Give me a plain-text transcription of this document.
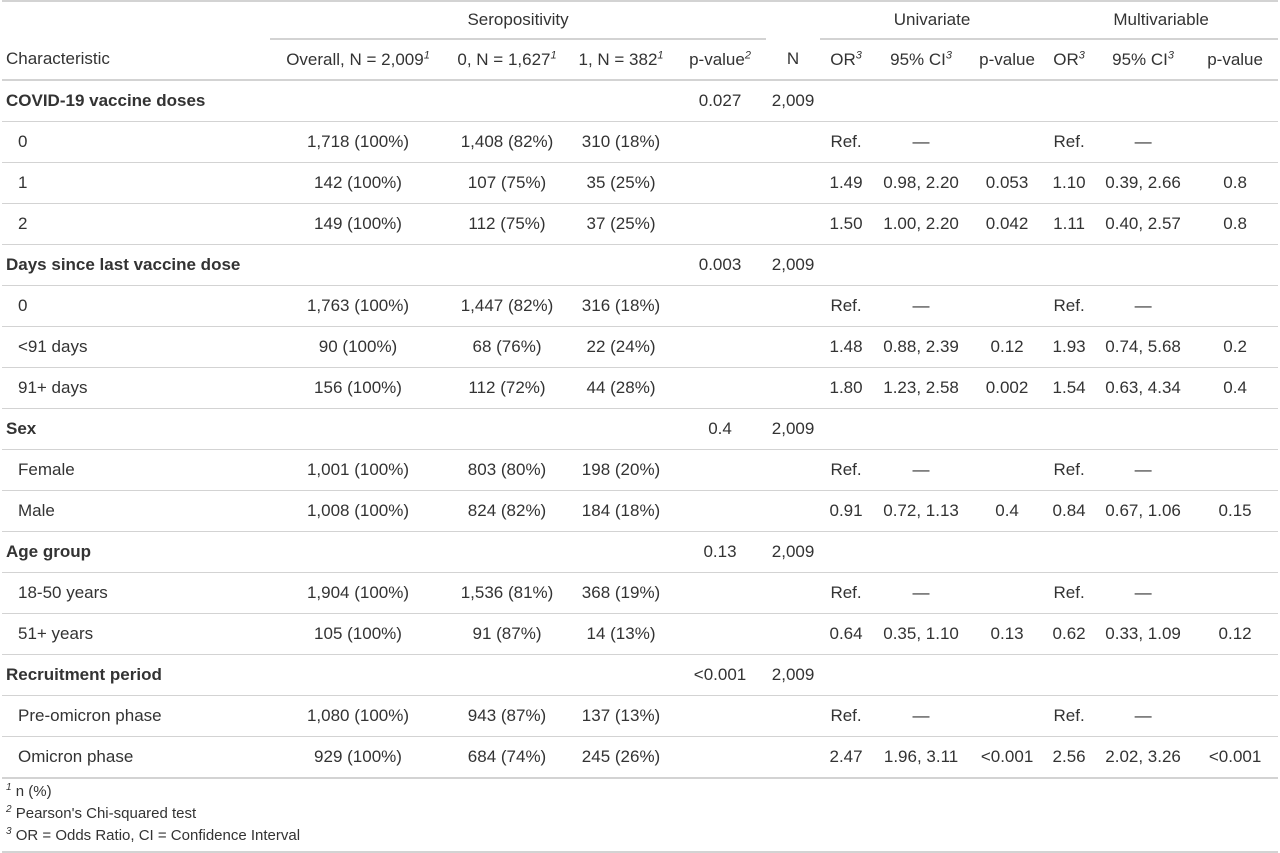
	Seropositivity					Univariate			Multivariable		
Characteristic	Overall, $N = 2,009^1$	0, $N = 1,627^1$	1, $N = 382^1$	p-value$^2$	N	$OR^3$	95% $CI^3$	p-value	$OR^3$	95% $CI^3$	p-value
COVID-19 vaccine doses				0.027	2,009						
0	1,718 (100%)	1,408 (82%)	310 (18%)			Ref.	—		Ref.	—	
1	142 (100%)	107 (75%)	35 (25%)			1.49	0.98, 2.20	0.053	1.10	0.39, 2.66	0.8
2	149 (100%)	112 (75%)	37 (25%)			1.50	1.00, 2.20	0.042	1.11	0.40, 2.57	0.8
Days since last vaccine dose				0.003	2,009						
0	1,763 (100%)	1,447 (82%)	316 (18%)			Ref.	—		Ref.	—	
<91 days	90 (100%)	68 (76%)	22 (24%)			1.48	0.88, 2.39	0.12	1.93	0.74, 5.68	0.2
91+ days	156 (100%)	112 (72%)	44 (28%)			1.80	1.23, 2.58	0.002	1.54	0.63, 4.34	0.4
Sex				0.4	2,009						
Female	1,001 (100%)	803 (80%)	198 (20%)			Ref.	—		Ref.	—	
Male	1,008 (100%)	824 (82%)	184 (18%)			0.91	0.72, 1.13	0.4	0.84	0.67, 1.06	0.15
Age group				0.13	2,009						
18-50 years	1,904 (100%)	1,536 (81%)	368 (19%)			Ref.	—		Ref.	—	
51+ years	105 (100%)	91 (87%)	14 (13%)			0.64	0.35, 1.10	0.13	0.62	0.33, 1.09	0.12
Recruitment period				<0.001	2,009						
Pre-omicron phase	1,080 (100%)	943 (87%)	137 (13%)			Ref.	—		Ref.	—	
Omicron phase	929 (100%)	684 (74%)	245 (26%)			2.47	1.96, 3.11	<0.001	2.56	2.02, 3.26	<0.001
$^1$ n (%)
$^2$ Pearson's Chi-squared test
$^3$ OR = Odds Ratio, CI = Confidence Interval
